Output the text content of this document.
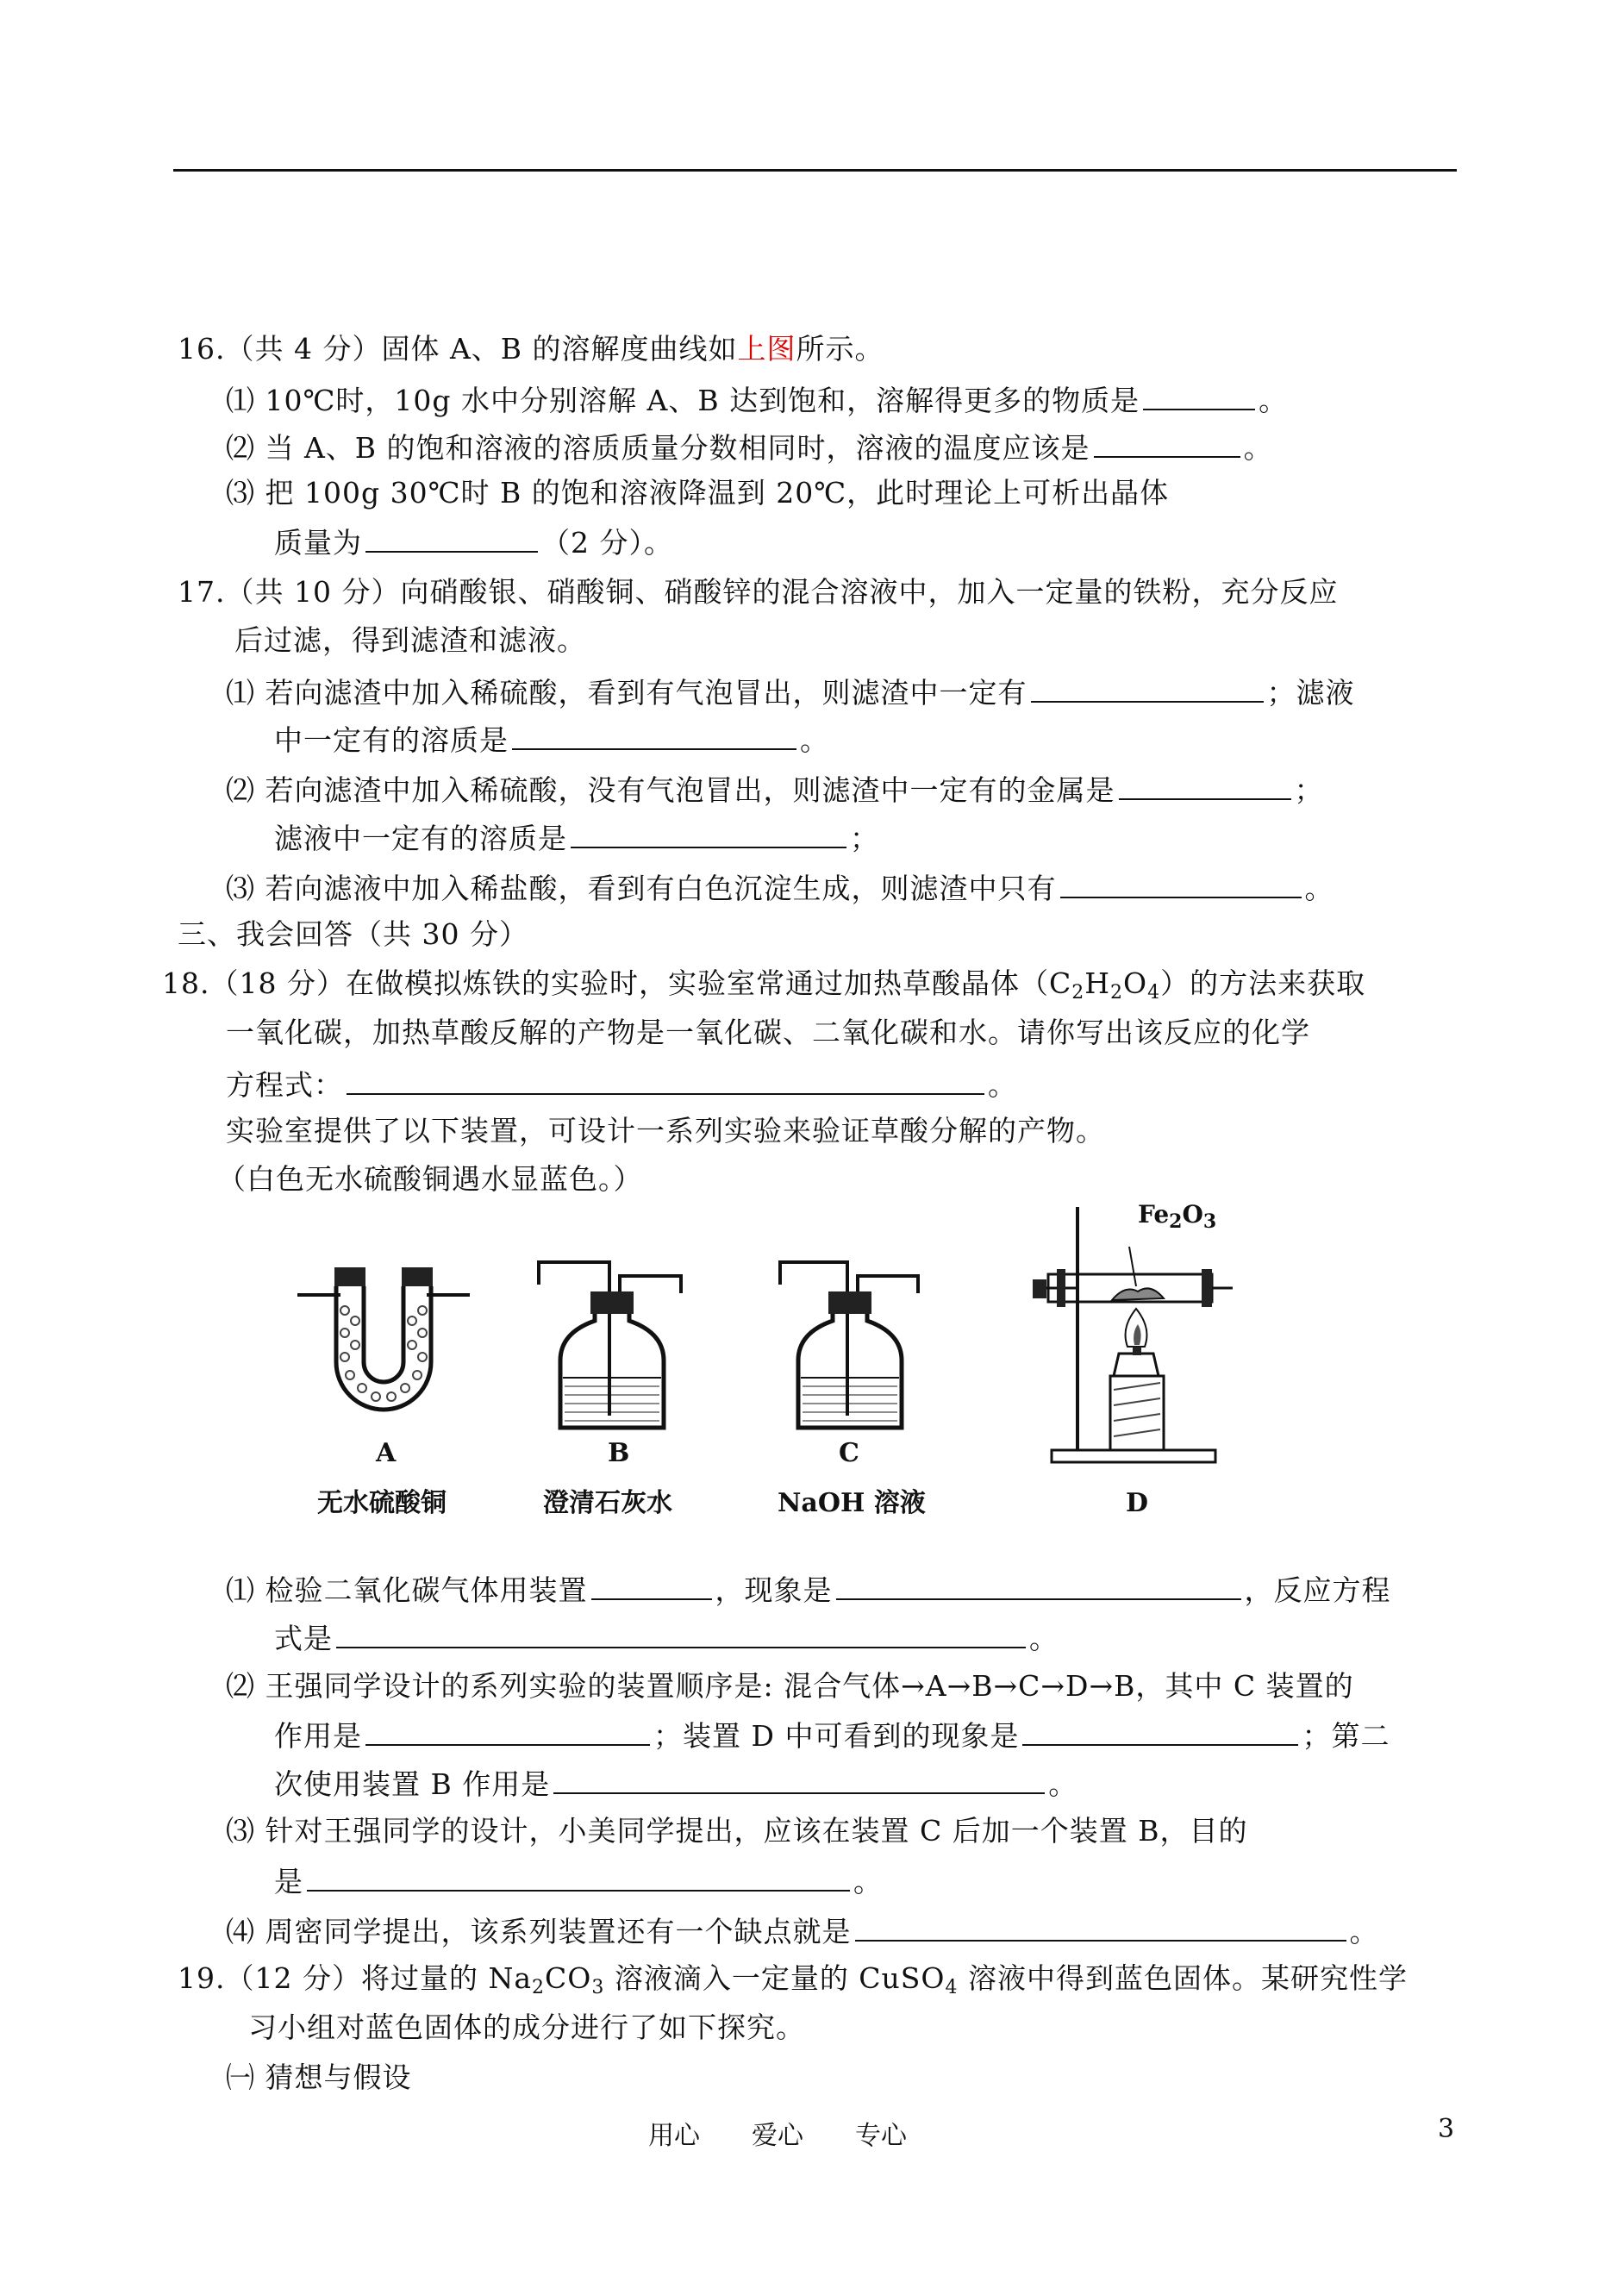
16.（共 4 分）固体 A、B 的溶解度曲线如上图所示。
⑴ 10℃时，10g 水中分别溶解 A、B 达到饱和，溶解得更多的物质是	。
⑵ 当 A、B 的饱和溶液的溶质质量分数相同时，溶液的温度应该是	。
⑶ 把 100g 30℃时 B 的饱和溶液降温到 20℃，此时理论上可析出晶体
质量为	（2 分）。
17.（共 10 分）向硝酸银、硝酸铜、硝酸锌的混合溶液中，加入一定量的铁粉，充分反应
后过滤，得到滤渣和滤液。
⑴ 若向滤渣中加入稀硫酸，看到有气泡冒出，则滤渣中一定有	；滤液
中一定有的溶质是	。
⑵ 若向滤渣中加入稀硫酸，没有气泡冒出，则滤渣中一定有的金属是	；
滤液中一定有的溶质是	；
⑶ 若向滤液中加入稀盐酸，看到有白色沉淀生成，则滤渣中只有	。
三、我会回答（共 30 分）
18.（18 分）在做模拟炼铁的实验时，实验室常通过加热草酸晶体$(C_2H_2O_4)$的方法来获取
一氧化碳，加热草酸反解的产物是一氧化碳、二氧化碳和水。请你写出该反应的化学
方程式：	。
实验室提供了以下装置，可设计一系列实验来验证草酸分解的产物。
（白色无水硫酸铜遇水显蓝色。）
A
无水硫酸铜
B
澄清石灰水
C
NaOH 溶液
$Fe_2O_3$
D
⑴ 检验二氧化碳气体用装置	，现象是	，反应方程
式是	。
⑵ 王强同学设计的系列实验的装置顺序是: 混合气体→A→B→C→D→B，其中 C 装置的
作用是	；装置 D 中可看到的现象是	；第二
次使用装置 B 作用是	。
⑶ 针对王强同学的设计，小美同学提出，应该在装置 C 后加一个装置 B，目的
是	。
⑷ 周密同学提出，该系列装置还有一个缺点就是	。
19.（12 分）将过量的 $Na_2CO_3$ 溶液滴入一定量的 CuSO$_4$ 溶液中得到蓝色固体。某研究性学
习小组对蓝色固体的成分进行了如下探究。
㈠ 猜想与假设
用心　　爱心　　专心	3
